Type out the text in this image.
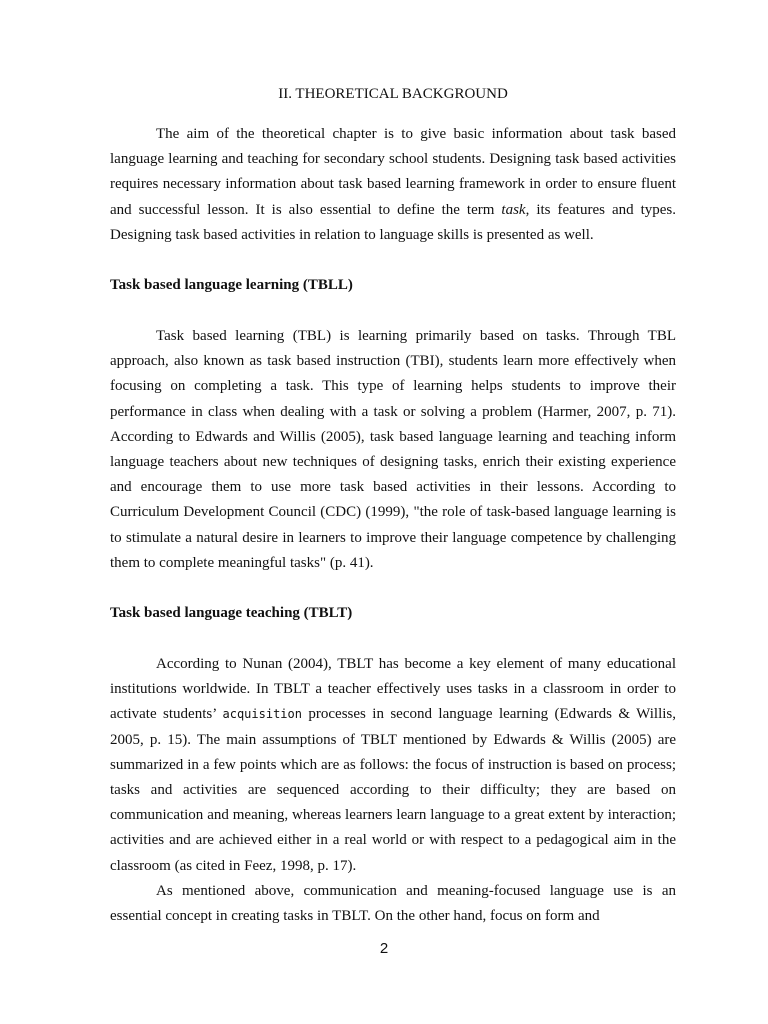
II. THEORETICAL BACKGROUND

The aim of the theoretical chapter is to give basic information about task based language learning and teaching for secondary school students. Designing task based activities requires necessary information about task based learning framework in order to ensure fluent and successful lesson. It is also essential to define the term task, its features and types. Designing task based activities in relation to language skills is presented as well.

Task based language learning (TBLL)

Task based learning (TBL) is learning primarily based on tasks. Through TBL approach, also known as task based instruction (TBI), students learn more effectively when focusing on completing a task. This type of learning helps students to improve their performance in class when dealing with a task or solving a problem (Harmer, 2007, p. 71). According to Edwards and Willis (2005), task based language learning and teaching inform language teachers about new techniques of designing tasks, enrich their existing experience and encourage them to use more task based activities in their lessons. According to Curriculum Development Council (CDC) (1999), "the role of task-based language learning is to stimulate a natural desire in learners to improve their language competence by challenging them to complete meaningful tasks" (p. 41).

Task based language teaching (TBLT)

According to Nunan (2004), TBLT has become a key element of many educational institutions worldwide. In TBLT a teacher effectively uses tasks in a classroom in order to activate students’ acquisition processes in second language learning (Edwards & Willis, 2005, p. 15). The main assumptions of TBLT mentioned by Edwards & Willis (2005) are summarized in a few points which are as follows: the focus of instruction is based on process; tasks and activities are sequenced according to their difficulty; they are based on communication and meaning, whereas learners learn language to a great extent by interaction; activities and are achieved either in a real world or with respect to a pedagogical aim in the classroom (as cited in Feez, 1998, p. 17).

As mentioned above, communication and meaning-focused language use is an essential concept in creating tasks in TBLT. On the other hand, focus on form and

2
